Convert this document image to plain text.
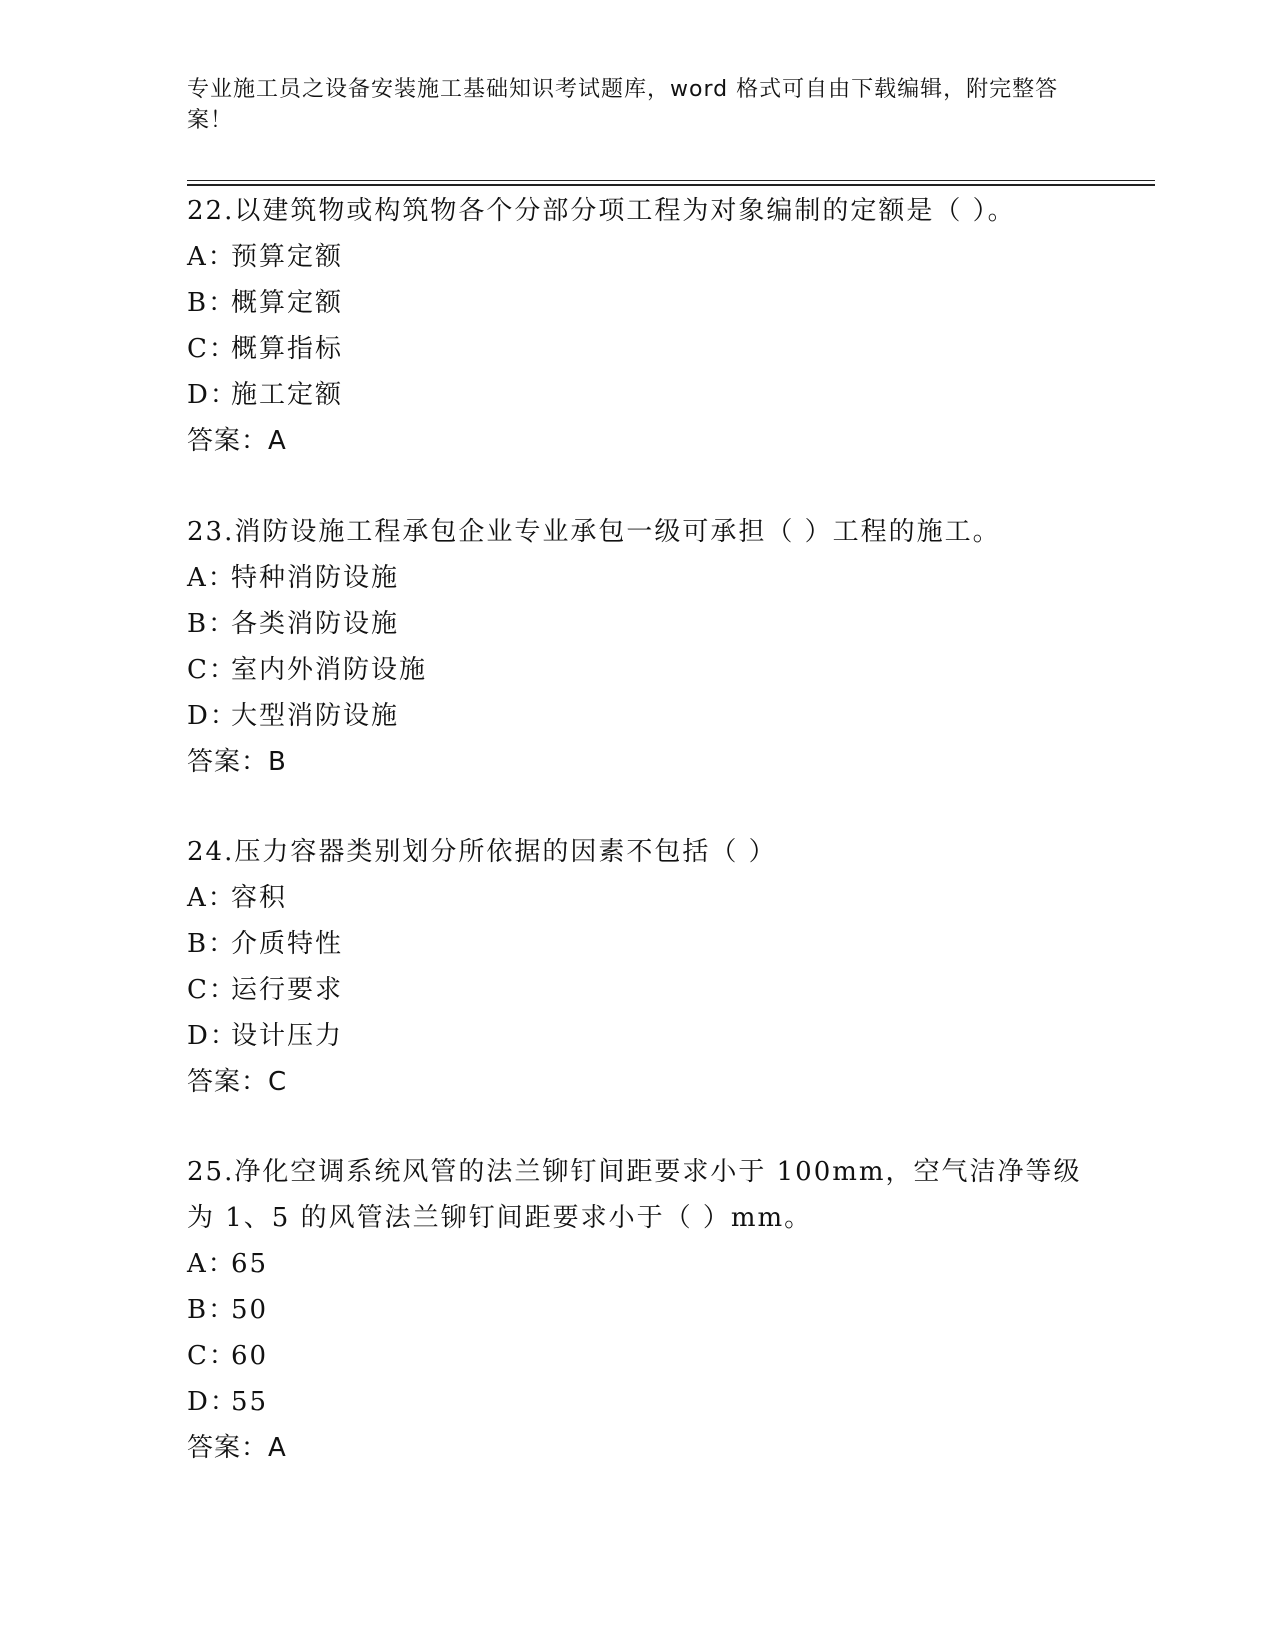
专业施工员之设备安装施工基础知识考试题库，word 格式可自由下载编辑，附完整答案！

22.以建筑物或构筑物各个分部分项工程为对象编制的定额是（ ）。

A：
预算定额

B：
概算定额

C：
概算指标

D：
施工定额

答案：A

23.消防设施工程承包企业专业承包一级可承担（ ）工程的施工。

A：
特种消防设施

B：
各类消防设施

C：
室内外消防设施

D：
大型消防设施

答案：B

24.压力容器类别划分所依据的因素不包括（ ）

A：
容积

B：
介质特性

C：
运行要求

D：
设计压力

答案：C

25.净化空调系统风管的法兰铆钉间距要求小于 100mm，空气洁净等级为 1、5 的风管法兰铆钉间距要求小于（ ）mm。

A：
65

B：
50

C：
60

D：
55

答案：A
